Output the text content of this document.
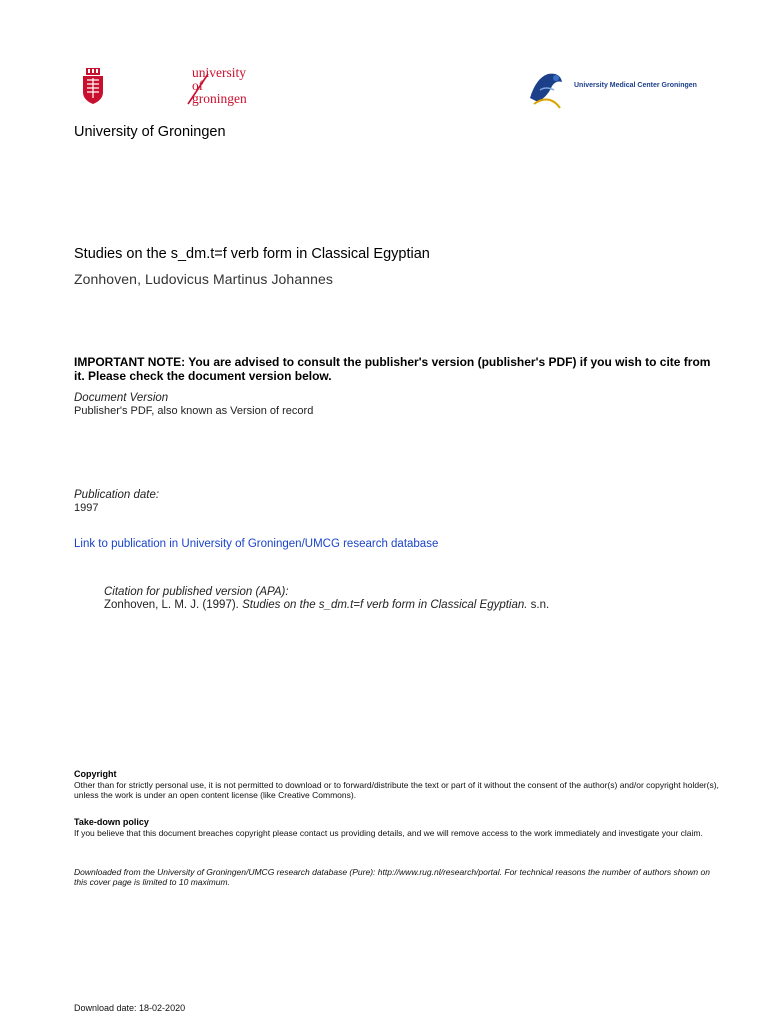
university of
groningen
University Medical Center Groningen
University of Groningen
Studies on the s_dm.t=f verb form in Classical Egyptian
Zonhoven, Ludovicus Martinus Johannes
IMPORTANT NOTE: You are advised to consult the publisher's version (publisher's PDF) if you wish to cite from it. Please check the document version below.
Document Version
Publisher's PDF, also known as Version of record
Publication date:
1997
Link to publication in University of Groningen/UMCG research database
Citation for published version (APA):
Zonhoven, L. M. J. (1997). Studies on the s_dm.t=f verb form in Classical Egyptian. s.n.
Copyright
Other than for strictly personal use, it is not permitted to download or to forward/distribute the text or part of it without the consent of the author(s) and/or copyright holder(s), unless the work is under an open content license (like Creative Commons).
Take-down policy
If you believe that this document breaches copyright please contact us providing details, and we will remove access to the work immediately and investigate your claim.
Downloaded from the University of Groningen/UMCG research database (Pure): http://www.rug.nl/research/portal. For technical reasons the number of authors shown on this cover page is limited to 10 maximum.
Download date: 18-02-2020
